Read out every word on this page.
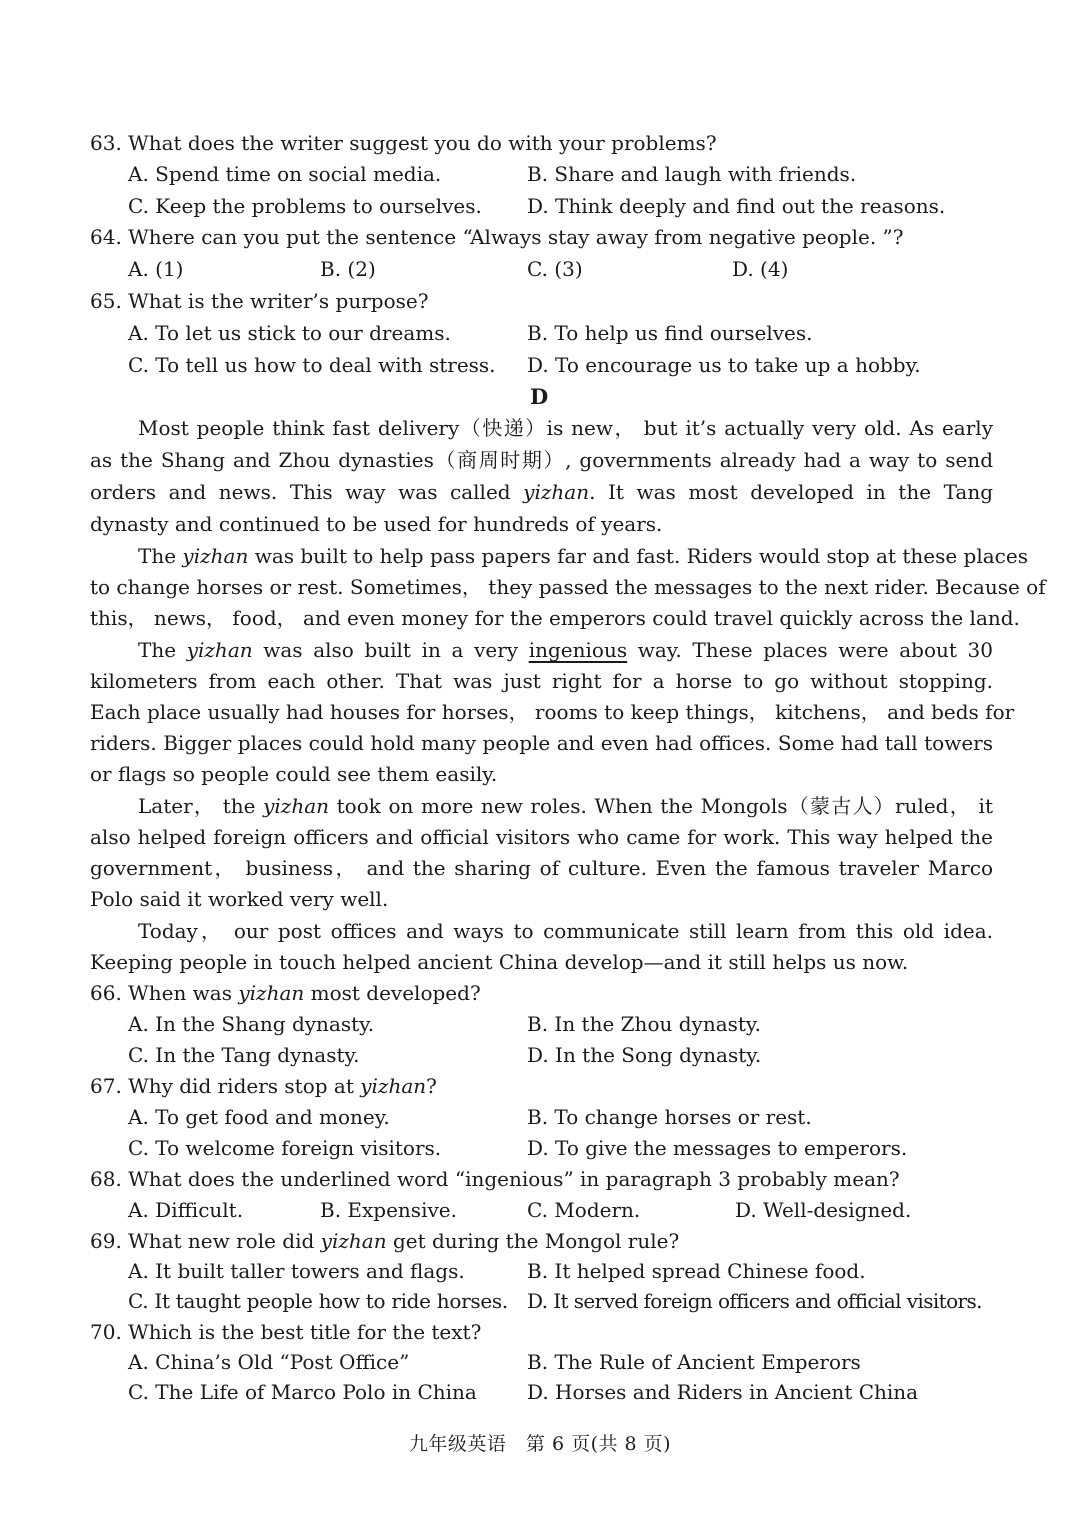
63. What does the writer suggest you do with your problems?
A. Spend time on social media.	B. Share and laugh with friends.
C. Keep the problems to ourselves. D. Think deeply and find out the reasons.
64. Where can you put the sentence “Always stay away from negative people. ”?
A. (1)	B. (2)	C. (3)	D. (4)
65. What is the writer’s purpose?
A. To let us stick to our dreams.	B. To help us find ourselves.
C. To tell us how to deal with stress. D. To encourage us to take up a hobby.
D
Most people think fast delivery（快递）is new， but it’s actually very old. As early
as the Shang and Zhou dynasties（商周时期）, governments already had a way to send
orders and news. This way was called yizhan. It was most developed in the Tang
dynasty and continued to be used for hundreds of years.
The yizhan was built to help pass papers far and fast. Riders would stop at these places
to change horses or rest. Sometimes， they passed the messages to the next rider. Because of
this， news， food， and even money for the emperors could travel quickly across the land.
The yizhan was also built in a very ingenious way. These places were about 30
kilometers from each other. That was just right for a horse to go without stopping.
Each place usually had houses for horses， rooms to keep things， kitchens， and beds for
riders. Bigger places could hold many people and even had offices. Some had tall towers
or flags so people could see them easily.
Later， the yizhan took on more new roles. When the Mongols（蒙古人）ruled， it
also helped foreign officers and official visitors who came for work. This way helped the
government， business， and the sharing of culture. Even the famous traveler Marco
Polo said it worked very well.
Today， our post offices and ways to communicate still learn from this old idea.
Keeping people in touch helped ancient China develop—and it still helps us now.
66. When was yizhan most developed?
A. In the Shang dynasty.	B. In the Zhou dynasty.
C. In the Tang dynasty.	D. In the Song dynasty.
67. Why did riders stop at yizhan?
A. To get food and money.	B. To change horses or rest.
C. To welcome foreign visitors.	D. To give the messages to emperors.
68. What does the underlined word “ingenious” in paragraph 3 probably mean?
A. Difficult.	B. Expensive.	C. Modern.	D. Well-designed.
69. What new role did yizhan get during the Mongol rule?
A. It built taller towers and flags.	B. It helped spread Chinese food.
C. It taught people how to ride horses. D. It served foreign officers and official visitors.
70. Which is the best title for the text?
A. China’s Old “Post Office”	B. The Rule of Ancient Emperors
C. The Life of Marco Polo in China	D. Horses and Riders in Ancient China
九年级英语　第 6 页(共 8 页)
